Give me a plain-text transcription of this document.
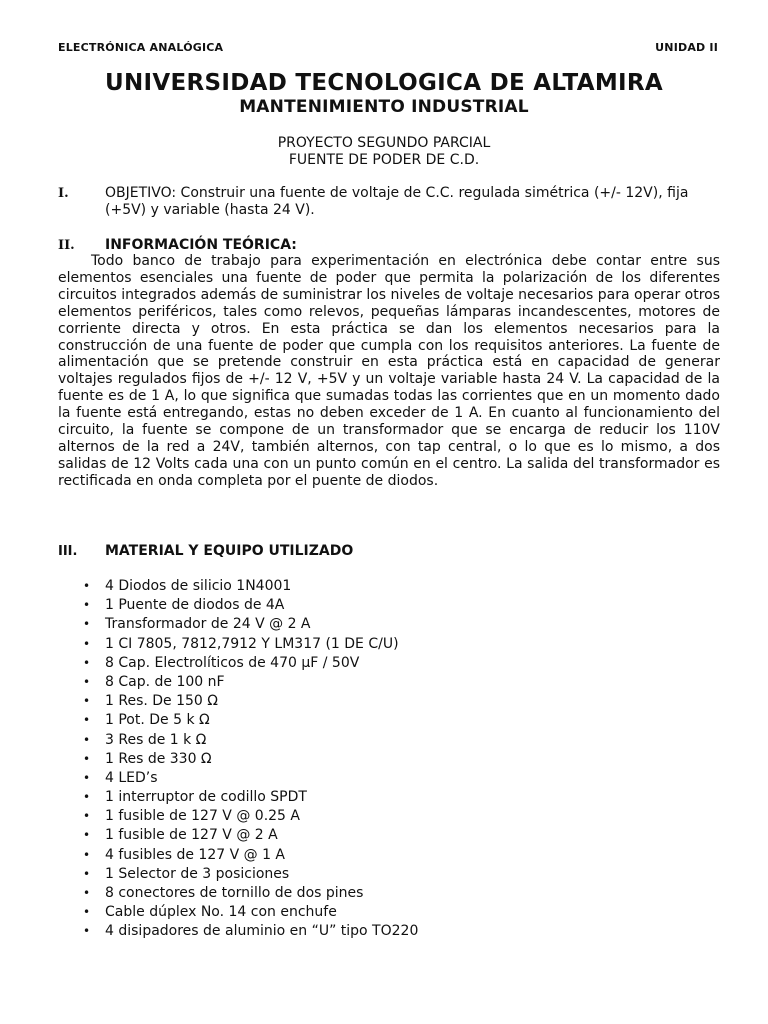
ELECTRÓNICA ANALÓGICA	UNIDAD II
UNIVERSIDAD TECNOLOGICA DE ALTAMIRA
MANTENIMIENTO INDUSTRIAL
PROYECTO SEGUNDO PARCIAL
FUENTE DE PODER DE C.D.
I.	OBJETIVO: Construir una fuente de voltaje de C.C. regulada simétrica (+/- 12V), fija (+5V) y variable (hasta 24 V).
II. INFORMACIÓN TEÓRICA:
Todo banco de trabajo para experimentación en electrónica debe contar entre sus elementos esenciales una fuente de poder que permita la polarización de los diferentes circuitos integrados además de suministrar los niveles de voltaje necesarios para operar otros elementos periféricos, tales como relevos, pequeñas lámparas incandescentes, motores de corriente directa y otros. En esta práctica se dan los elementos necesarios para la construcción de una fuente de poder que cumpla con los requisitos anteriores. La fuente de alimentación que se pretende construir en esta práctica está en capacidad de generar voltajes regulados fijos de +/- 12 V, +5V y un voltaje variable hasta 24 V. La capacidad de la fuente es de 1 A, lo que significa que sumadas todas las corrientes que en un momento dado la fuente está entregando, estas no deben exceder de 1 A. En cuanto al funcionamiento del circuito, la fuente se compone de un transformador que se encarga de reducir los 110V alternos de la red a 24V, también alternos, con tap central, o lo que es lo mismo, a dos salidas de 12 Volts cada una con un punto común en el centro. La salida del transformador es rectificada en onda completa por el puente de diodos.
III. MATERIAL Y EQUIPO UTILIZADO
• 4 Diodos de silicio 1N4001
• 1 Puente de diodos de 4A
• Transformador de 24 V @ 2 A
• 1 CI 7805, 7812,7912 Y LM317 (1 DE C/U)
• 8 Cap. Electrolíticos de 470 μF / 50V
• 8 Cap. de 100 nF
• 1 Res. De 150 Ω
• 1 Pot. De 5 k Ω
• 3 Res de 1 k Ω
• 1 Res de 330 Ω
• 4 LED’s
• 1 interruptor de codillo SPDT
• 1 fusible de 127 V @ 0.25 A
• 1 fusible de 127 V @ 2 A
• 4 fusibles de 127 V @ 1 A
• 1 Selector de 3 posiciones
• 8 conectores de tornillo de dos pines
• Cable dúplex No. 14 con enchufe
• 4 disipadores de aluminio en “U” tipo TO220
